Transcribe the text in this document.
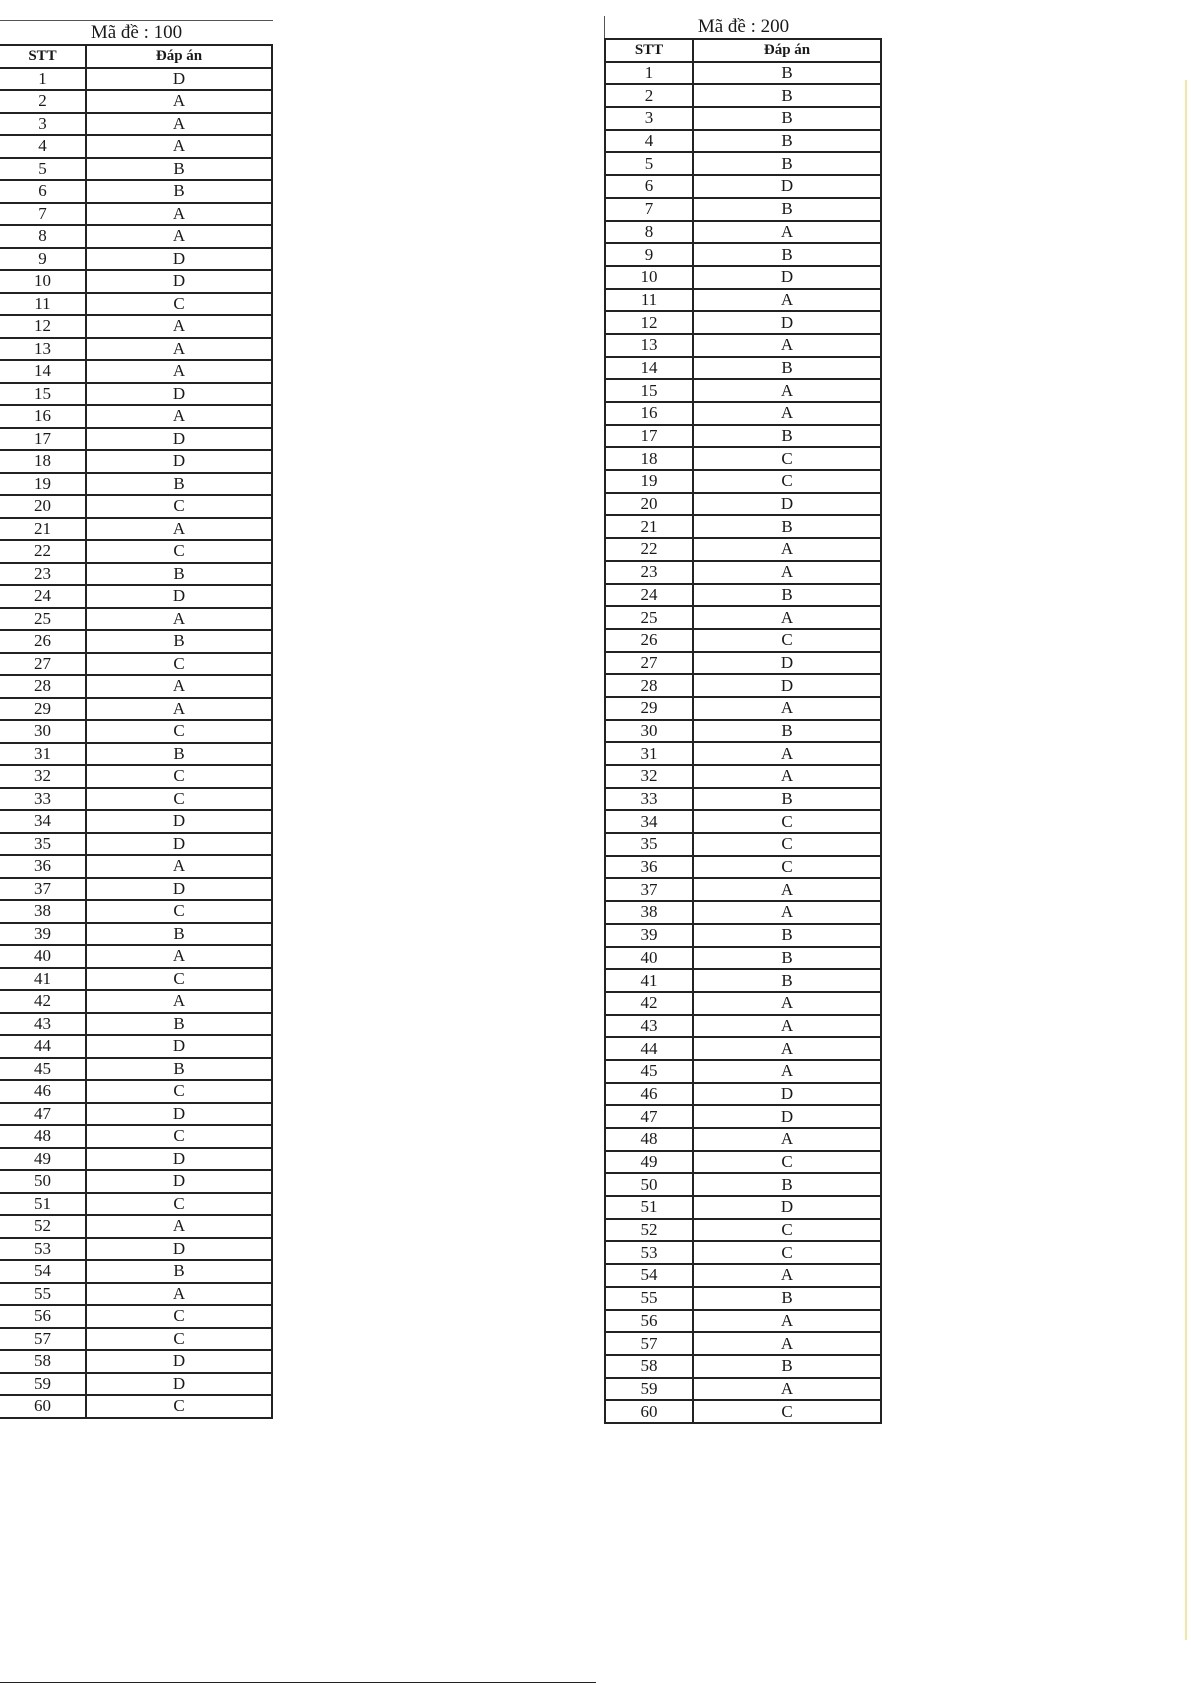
Mã đề : 100
STT	Đáp án
1	D
2	A
3	A
4	A
5	B
6	B
7	A
8	A
9	D
10	D
11	C
12	A
13	A
14	A
15	D
16	A
17	D
18	D
19	B
20	C
21	A
22	C
23	B
24	D
25	A
26	B
27	C
28	A
29	A
30	C
31	B
32	C
33	C
34	D
35	D
36	A
37	D
38	C
39	B
40	A
41	C
42	A
43	B
44	D
45	B
46	C
47	D
48	C
49	D
50	D
51	C
52	A
53	D
54	B
55	A
56	C
57	C
58	D
59	D
60	C
Mã đề : 200
STT	Đáp án
1	B
2	B
3	B
4	B
5	B
6	D
7	B
8	A
9	B
10	D
11	A
12	D
13	A
14	B
15	A
16	A
17	B
18	C
19	C
20	D
21	B
22	A
23	A
24	B
25	A
26	C
27	D
28	D
29	A
30	B
31	A
32	A
33	B
34	C
35	C
36	C
37	A
38	A
39	B
40	B
41	B
42	A
43	A
44	A
45	A
46	D
47	D
48	A
49	C
50	B
51	D
52	C
53	C
54	A
55	B
56	A
57	A
58	B
59	A
60	C
